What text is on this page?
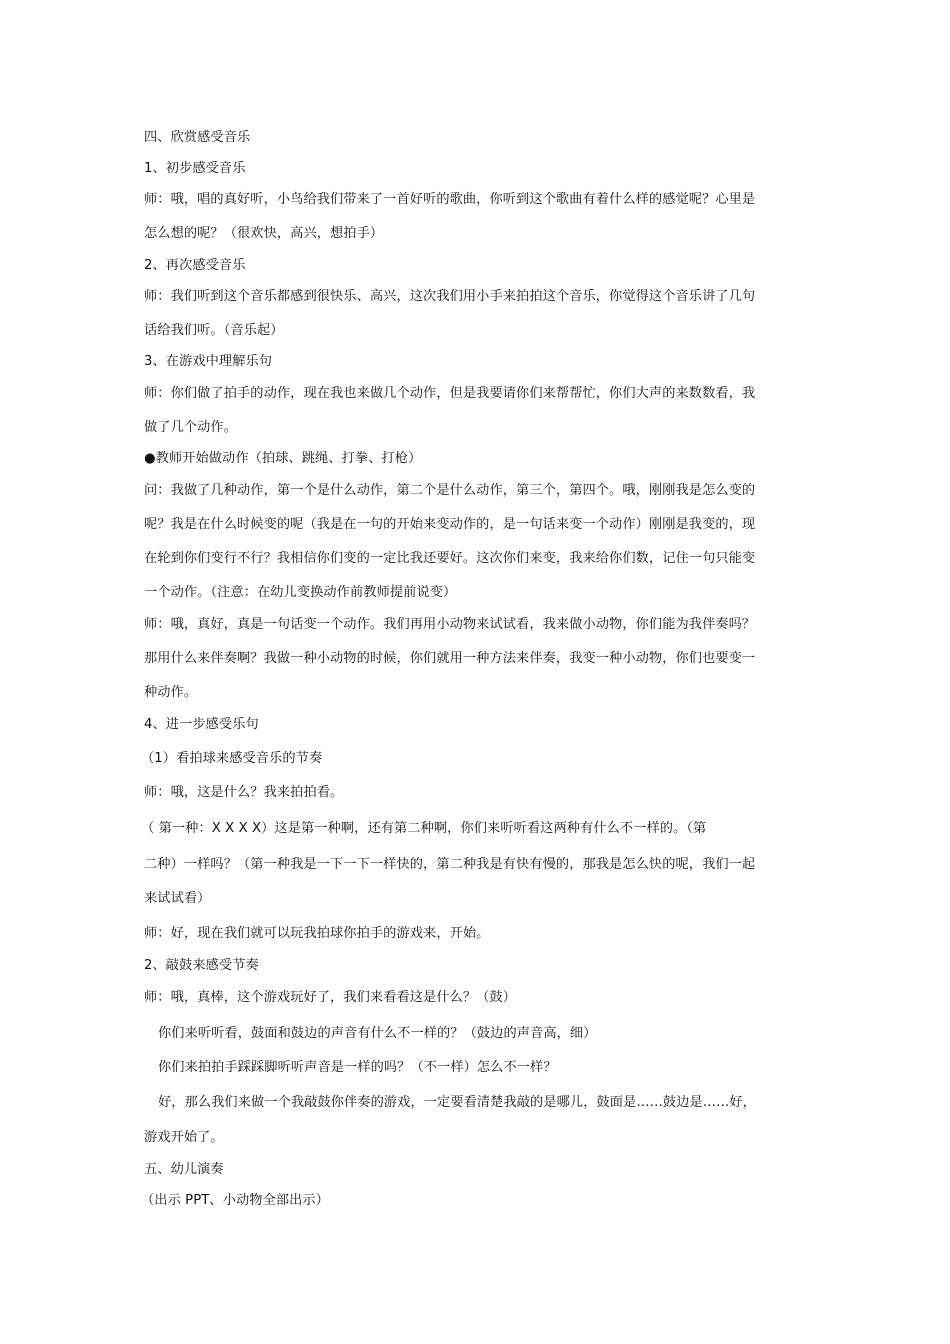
四、欣赏感受音乐
1、初步感受音乐
师：哦，唱的真好听，小鸟给我们带来了一首好听的歌曲，你听到这个歌曲有着什么样的感觉呢？心里是
怎么想的呢？（很欢快，高兴，想拍手）
2、再次感受音乐
师：我们听到这个音乐都感到很快乐、高兴，这次我们用小手来拍拍这个音乐，你觉得这个音乐讲了几句
话给我们听。（音乐起）
3、在游戏中理解乐句
师：你们做了拍手的动作，现在我也来做几个动作，但是我要请你们来帮帮忙，你们大声的来数数看，我
做了几个动作。
●教师开始做动作（拍球、跳绳、打拳、打枪）
问：我做了几种动作，第一个是什么动作，第二个是什么动作，第三个，第四个。哦，刚刚我是怎么变的
呢？我是在什么时候变的呢（我是在一句的开始来变动作的，是一句话来变一个动作）刚刚是我变的，现
在轮到你们变行不行？我相信你们变的一定比我还要好。这次你们来变，我来给你们数，记住一句只能变
一个动作。（注意：在幼儿变换动作前教师提前说变）
师：哦，真好，真是一句话变一个动作。我们再用小动物来试试看，我来做小动物，你们能为我伴奏吗？
那用什么来伴奏啊？我做一种小动物的时候，你们就用一种方法来伴奏，我变一种小动物，你们也要变一
种动作。
4、进一步感受乐句
（1）看拍球来感受音乐的节奏
师：哦，这是什么？我来拍拍看。
（ 第一种：X X X X）这是第一种啊，还有第二种啊，你们来听听看这两种有什么不一样的。（第
二种）一样吗？（第一种我是一下一下一样快的，第二种我是有快有慢的，那我是怎么快的呢，我们一起
来试试看）
师：好，现在我们就可以玩我拍球你拍手的游戏来，开始。
2、敲鼓来感受节奏
师：哦，真棒，这个游戏玩好了，我们来看看这是什么？（鼓）
你们来听听看，鼓面和鼓边的声音有什么不一样的？（鼓边的声音高，细）
你们来拍拍手踩踩脚听听声音是一样的吗？（不一样）怎么不一样？
好，那么我们来做一个我敲鼓你伴奏的游戏，一定要看清楚我敲的是哪儿，鼓面是……鼓边是……好，
游戏开始了。
五、幼儿演奏
（出示 PPT、小动物全部出示）
